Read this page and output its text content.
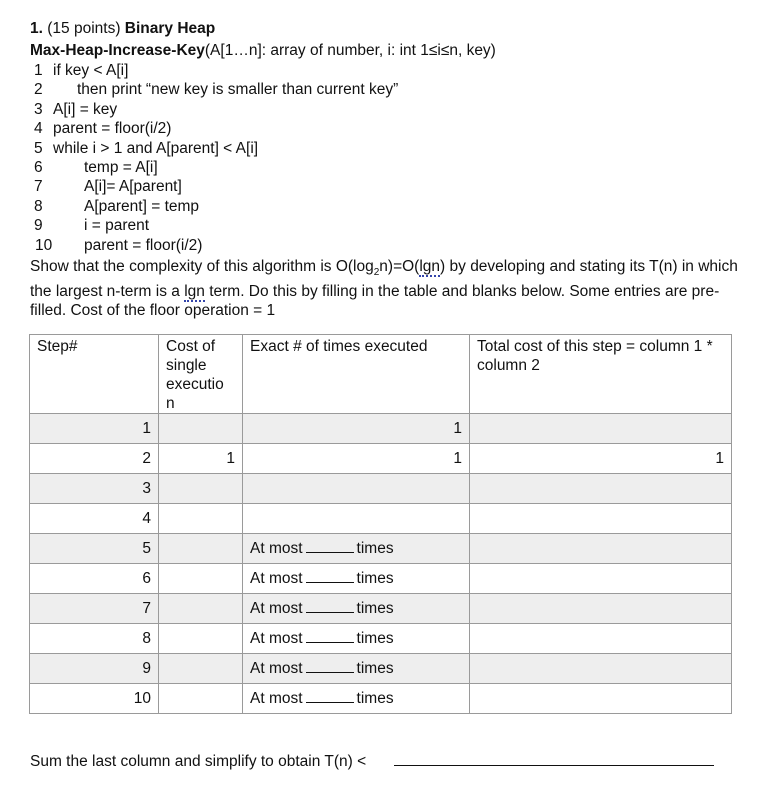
1. (15 points) Binary Heap
Max-Heap-Increase-Key(A[1…n]: array of number, i: int 1≤i≤n, key)
1 if key < A[i]
2 then print “new key is smaller than current key”
3 A[i] = key
4 parent = floor(i/2)
5 while i > 1 and A[parent] < A[i]
6	temp = A[i]
7	A[i]= A[parent]
8	A[parent] = temp
9	i = parent
10 parent = floor(i/2)
Show that the complexity of this algorithm is $O(\log_2n)=O(\lg n)$ by developing and stating its T(n) in which the largest n-term is a lgn term. Do this by filling in the table and blanks below. Some entries are pre-filled. Cost of the floor operation = 1
Step#	Cost of
single
executio
n	Exact # of times executed	Total cost of this step = column 1 * column 2
1		1	
2	1	1	1
3			
4			
5		At most times	
6		At most times	
7		At most times	
8		At most times	
9		At most times	
10		At most times	
Sum the last column and simplify to obtain T(n) <
